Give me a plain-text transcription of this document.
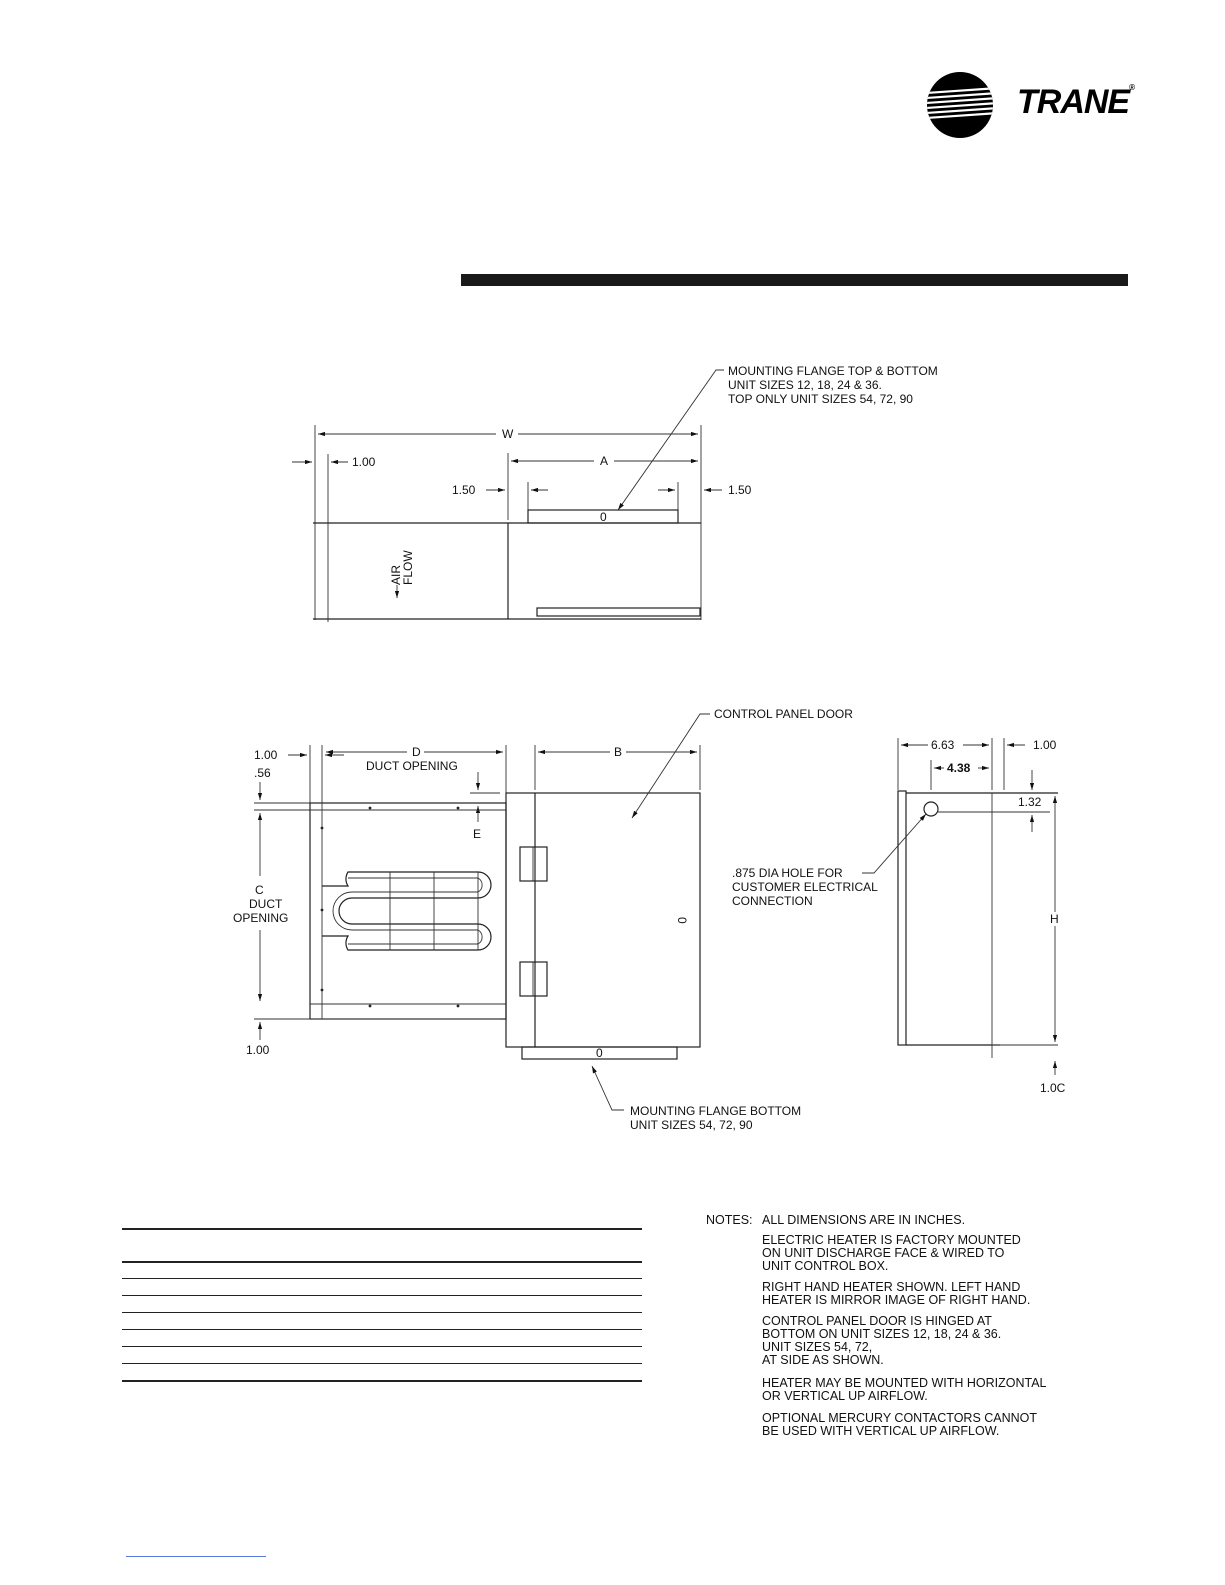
TRANE®
MOUNTING FLANGE TOP & BOTTOM
UNIT SIZES 12, 18, 24 & 36.
TOP ONLY UNIT SIZES 54, 72, 90
W
1.00	A
1.50	1.50
0
AIR
FLOW
1.00	D
DUCT OPENING
B
.56
E
C
DUCT
OPENING
1.00
0
0
CONTROL PANEL DOOR
MOUNTING FLANGE BOTTOM
UNIT SIZES 54, 72, 90
6.63	1.00
4.38
1.32
H
1.0C
.875 DIA HOLE FOR
CUSTOMER ELECTRICAL
CONNECTION
NOTES: ALL DIMENSIONS ARE IN INCHES.
ELECTRIC HEATER IS FACTORY MOUNTED
ON UNIT DISCHARGE FACE & WIRED TO
UNIT CONTROL BOX.
RIGHT HAND HEATER SHOWN. LEFT HAND
HEATER IS MIRROR IMAGE OF RIGHT HAND.
CONTROL PANEL DOOR IS HINGED AT
BOTTOM ON UNIT SIZES 12, 18, 24 & 36.
UNIT SIZES 54, 72,
AT SIDE AS SHOWN.
HEATER MAY BE MOUNTED WITH HORIZONTAL
OR VERTICAL UP AIRFLOW.
OPTIONAL MERCURY CONTACTORS CANNOT
BE USED WITH VERTICAL UP AIRFLOW.
